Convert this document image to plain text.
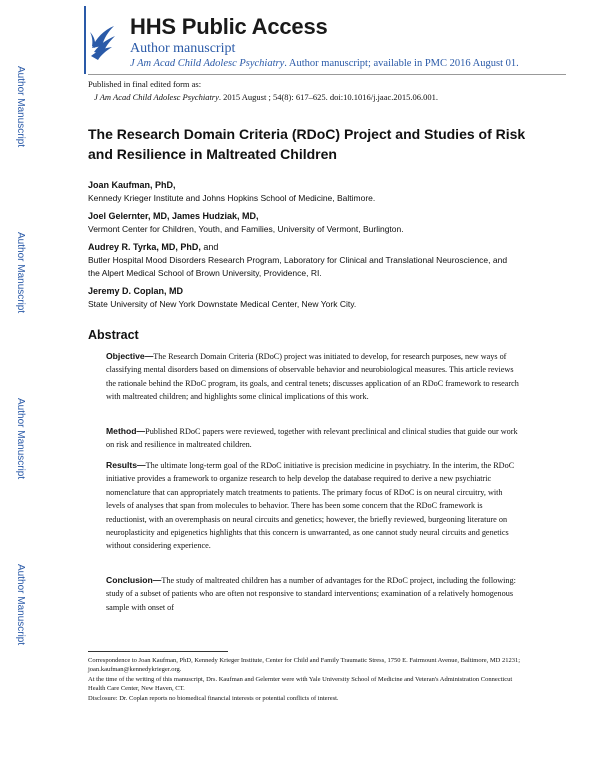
Author Manuscript
Author Manuscript
Author Manuscript
Author Manuscript
HHS Public Access
Author manuscript
J Am Acad Child Adolesc Psychiatry. Author manuscript; available in PMC 2016 August 01.
Published in final edited form as:
J Am Acad Child Adolesc Psychiatry. 2015 August ; 54(8): 617–625. doi:10.1016/j.jaac.2015.06.001.
The Research Domain Criteria (RDoC) Project and Studies of Risk and Resilience in Maltreated Children
Joan Kaufman, PhD,
Kennedy Krieger Institute and Johns Hopkins School of Medicine, Baltimore.
Joel Gelernter, MD, James Hudziak, MD,
Vermont Center for Children, Youth, and Families, University of Vermont, Burlington.
Audrey R. Tyrka, MD, PhD, and
Butler Hospital Mood Disorders Research Program, Laboratory for Clinical and Translational Neuroscience, and the Alpert Medical School of Brown University, Providence, RI.
Jeremy D. Coplan, MD
State University of New York Downstate Medical Center, New York City.
Abstract
Objective—The Research Domain Criteria (RDoC) project was initiated to develop, for research purposes, new ways of classifying mental disorders based on dimensions of observable behavior and neurobiological measures. This article reviews the rationale behind the RDoC program, its goals, and central tenets; discusses application of an RDoC framework to research with maltreated children; and highlights some clinical implications of this work.
Method—Published RDoC papers were reviewed, together with relevant preclinical and clinical studies that guide our work on risk and resilience in maltreated children.
Results—The ultimate long-term goal of the RDoC initiative is precision medicine in psychiatry. In the interim, the RDoC initiative provides a framework to organize research to help develop the database required to derive a new psychiatric nomenclature that can appropriately match treatments to patients. The primary focus of RDoC is on neural circuitry, with levels of analyses that span from molecules to behavior. There has been some concern that the RDoC framework is reductionist, with an overemphasis on neural circuits and genetics; however, the briefly reviewed, burgeoning literature on neuroplasticity and epigenetics highlights that this concern is unwarranted, as one cannot study neural circuits and genetics without considering experience.
Conclusion—The study of maltreated children has a number of advantages for the RDoC project, including the following: study of a subset of patients who are often not responsive to standard interventions; examination of a relatively homogenous sample with onset of
Correspondence to Joan Kaufman, PhD, Kennedy Krieger Institute, Center for Child and Family Traumatic Stress, 1750 E. Fairmount Avenue, Baltimore, MD 21231; joan.kaufman@kennedykrieger.org.
At the time of the writing of this manuscript, Drs. Kaufman and Gelernter were with Yale University School of Medicine and Veteran's Administration Connecticut Health Care Center, New Haven, CT.
Disclosure: Dr. Coplan reports no biomedical financial interests or potential conflicts of interest.
